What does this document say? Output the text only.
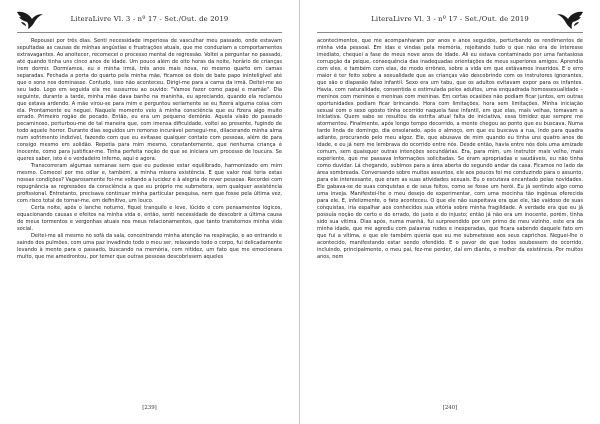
LiteraLivre Vl. 3 - nº 17 - Set./Out. de 2019

Repousei por três dias. Senti necessidade imperiosa de vasculhar meu passado, onde estavam sepultadas as causas de minhas angústias e frustrações atuais, que me conduziam a comportamentos extravagantes. Ao anoitecer, recomecei o processo mental de regressão. Voltei a perguntar no passado, até quando tinha uns cinco anos de idade. Um pouco além de oito horas da noite, horário de crianças irem dormir. Dormíamos, eu e minha irmã, três anos mais nova, no mesmo quarto em camas separadas. Fechada a porta do quarto pela minha mãe, ficamos os dois de bate papo ininteligível até que o sono nos dominasse. Contudo, isso não aconteceu. Dirigi-me para a cama da irmã. Deitei-me ao seu lado. Logo em seguida ela me sussurrou ao ouvido: "Vamos fazer como papai e mamãe". Dia seguinte, durante a tarde, minha mãe dava banho na maninha, eu apreciando, quando ela reclamou que estava ardendo. A mãe virou-se para mim e perguntou seriamente se eu fizera alguma coisa com ela. Prontamente eu neguei. Naquele momento veio à minha consciência que eu fizera algo muito errado. Primeiro rogão de pecado. Então, eu era um pequeno demônio. Aquela visão do passado pecaminoso, perturbou-me de tal maneira que, com imensa dificuldade, voltei ao presente, fugindo de todo aquele horror. Durante dias seguidos um remorso incurável persegui-me, dilacerando minha alma num sofrimento indizível, fazendo com que eu evitasse qualquer contato com pessoas, além de para consigo mesmo em solidão. Repetia para mim mesmo, constantemente, que nenhuma criança é inocente, como para justificar-me. Tinha perfeita noção de que se iniciara um processo de loucura. Se queres saber, isto é o verdadeiro inferno, aqui e agora.

Transcorreram algumas semanas sem que eu pudesse estar equilibrado, harmonizado em mim mesmo. Comecei por me odiar e, também, a minha mísera existência. E que valor real teria estas nossas condições? Vagarosamente foi-me voltando a lucidez e à alegria de rever pessoas. Recordei com repugnância as regressões da consciência a que eu próprio me submetera, sem qualquer assistência profissional. Entretanto, precisava continuar minha particular pesquisa, nem que fosse pela última vez, com risco total de tornar-me, em definitivo, um louco.

Certa noite, após o lanche noturno, fiquei tranquilo e leve, lúcido e com pensamentos lógicos, equacionando causas e efeitos na minha vida e, então, senti necessidade de descobrir a última causa de meus tormentos e vergonhas atuais nos meus relacionamentos, que tanto transtornos minha vida social.

Deitei-me ali mesmo no sofá da sala, concentrando minha atenção na respiração, e ao entrando e saindo dos pulmões, com uma paz invadindo todo o meu ser, relaxando todo o corpo, fui delicadamente levando à mente para o passado, buscando na memória, com nitidez, um fato que me emocionara muito, que me amedrontou, por temer que outras pessoas descobrissem aqueles

[239]
LiteraLivre Vl. 3 - nº 17 - Set./Out. de 2019

acontecimentos, que me acompanharam por anos e anos seguidos, perturbando os rendimentos de minha vida pessoal. Em idas e vindas pela memória, rejeitando tudo o que não era de interesse imediato, chequei a fase de meus nove anos de idade. Ali eu estava contaminado por uma fantasiosa corrupção da psique, consequência das inadequadas orientações de meus superiores amigos. Aprendia com eles, e também com elas, de modo errôneo, sobre a vida em que estávamos inseridos. E o erro maior é ter feito sobre a sexualidade que as crianças vão descobrindo com os instrutores ignorantes, que são o diapasão falso infantil. Sexo era um tabu, que os adultos evitavam expor para os infantes. Havia, com naturalidade, consentida e estimulada pelos adultos, uma enquadrada homossexualidade – meninos com meninos e meninas com meninas. Em certas ocasiões não podiam ficar juntos, em outras oportunidades podiam ficar brincando. Hora com limitações, hora sem limitações. Minha iniciação sexual com o sexo oposto tinha ocorrido naquela fase infantil, em que elas, mais velhas, tomavam a iniciativa. Quem sabe se resultou da estrita atual falta de iniciativa, essa timidez que sempre me atormentou. Finalmente, após longo tempo decorrido, a mente chegou ao ponto que eu buscava. Numa tarde linda de domingo, dia ensolarado, após o almoço, em que eu buscava a rua, indo para quadra adiante, procurando pelo meu algoz. Ele, que abusava de mim quando eu tinha uns quatro anos de idade, e eu já nem me lembrava do ocorrido entre nós. Desde então, havia entre nós dois uma amizade comum, sem quaisquer outras intenções secundárias. Era, para mim, um instrutor mais velho, mais experiente, que me passava informações solicitadas. Se eram apropriadas e saudáveis, eu não tinha como duvidar. Lá chegando, subimos para a área aberta do segundo andar da casa. Ficamos no lado da área sombreada. Conversando sobre muitos assuntos, ele aos poucos foi me conduzindo para o assunto, para ele interessante, que eram as suas atividades sexuais. Eu o escutava encantado pelas novidades. Ele gabava-se de suas conquistas e de seus feitos, como se fosse um herói. Eu já sentindo algo como uma inveja. Manifestei-lhe o meu desejo de experimentar, com uma mocinha tão ingênua oferecida para ele. E, infelizmente, o fato aconteceu. O que ele não suspeitava era que ele, tão vaidoso de suas conquistas, iria espalhar aos conhecidos sua vitória sobre minha fragilidade. A verdade era que eu já possuía noção do certo e do errado, do justo e do injusto; então já não era um inocente, porém, tinha sido sua vítima. Dias após, numa manhã, fui surpreendido por um primo de meu vizinho, este era da minha idade, que me agrediu com palavras rudes e inesperadas, que ficara sabendo daquele fato em que fui a vítima, e que ele também queria que eu me submetesse aos seus caprichos. Neguei-lhe o acontecido, manifestando estar sendo ofendido. E o pavor de que todos soubessem do ocorrido, incluindo, principalmente, o meu pai, fez-me perder, daí em diante, o melhor da existência. Por muitos anos, nem

[240]
